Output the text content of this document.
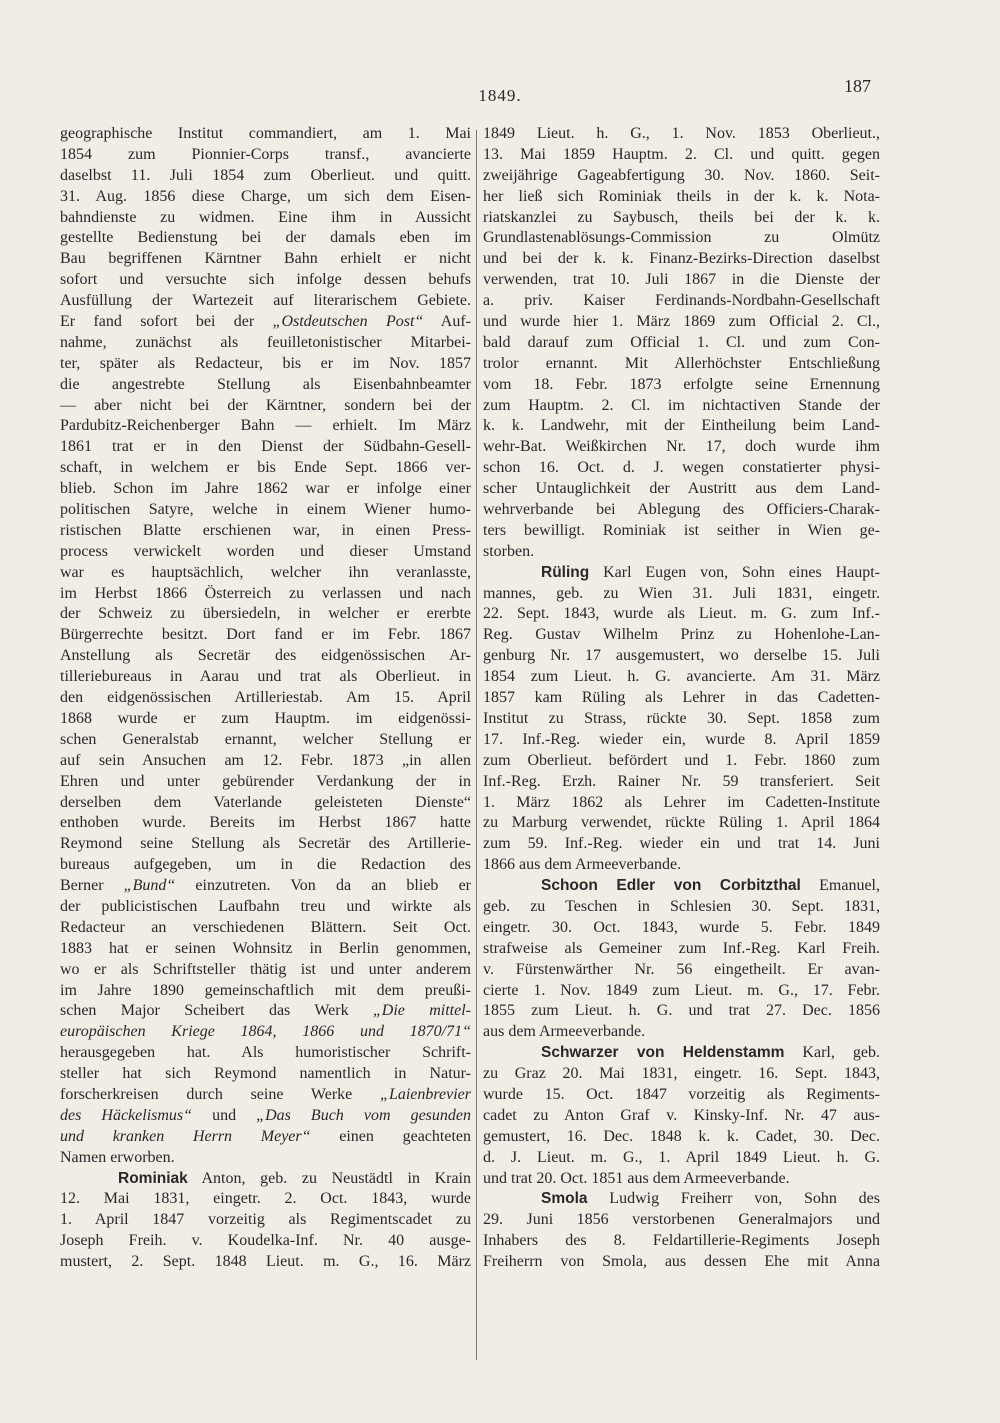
1849.	187
geographische Institut commandiert, am 1. Mai
1854 zum Pionnier-Corps transf., avancierte
daselbst 11. Juli 1854 zum Oberlieut. und quitt.
31. Aug. 1856 diese Charge, um sich dem Eisen-
bahndienste zu widmen. Eine ihm in Aussicht
gestellte Bedienstung bei der damals eben im
Bau begriffenen Kärntner Bahn erhielt er nicht
sofort und versuchte sich infolge dessen behufs
Ausfüllung der Wartezeit auf literarischem Gebiete.
Er fand sofort bei der „Ostdeutschen Post“ Auf-
nahme, zunächst als feuilletonistischer Mitarbei-
ter, später als Redacteur, bis er im Nov. 1857
die angestrebte Stellung als Eisenbahnbeamter
— aber nicht bei der Kärntner, sondern bei der
Pardubitz-Reichenberger Bahn — erhielt. Im März
1861 trat er in den Dienst der Südbahn-Gesell-
schaft, in welchem er bis Ende Sept. 1866 ver-
blieb. Schon im Jahre 1862 war er infolge einer
politischen Satyre, welche in einem Wiener humo-
ristischen Blatte erschienen war, in einen Press-
process verwickelt worden und dieser Umstand
war es hauptsächlich, welcher ihn veranlasste,
im Herbst 1866 Österreich zu verlassen und nach
der Schweiz zu übersiedeln, in welcher er ererbte
Bürgerrechte besitzt. Dort fand er im Febr. 1867
Anstellung als Secretär des eidgenössischen Ar-
tilleriebureaus in Aarau und trat als Oberlieut. in
den eidgenössischen Artilleriestab. Am 15. April
1868 wurde er zum Hauptm. im eidgenössi-
schen Generalstab ernannt, welcher Stellung er
auf sein Ansuchen am 12. Febr. 1873 „in allen
Ehren und unter gebürender Verdankung der in
derselben dem Vaterlande geleisteten Dienste“
enthoben wurde. Bereits im Herbst 1867 hatte
Reymond seine Stellung als Secretär des Artillerie-
bureaus aufgegeben, um in die Redaction des
Berner „Bund“ einzutreten. Von da an blieb er
der publicistischen Laufbahn treu und wirkte als
Redacteur an verschiedenen Blättern. Seit Oct.
1883 hat er seinen Wohnsitz in Berlin genommen,
wo er als Schriftsteller thätig ist und unter anderem
im Jahre 1890 gemeinschaftlich mit dem preußi-
schen Major Scheibert das Werk „Die mittel-
europäischen Kriege 1864, 1866 und 1870/71“
herausgegeben hat. Als humoristischer Schrift-
steller hat sich Reymond namentlich in Natur-
forscherkreisen durch seine Werke „Laienbrevier
des Häckelismus“ und „Das Buch vom gesunden
und kranken Herrn Meyer“ einen geachteten
Namen erworben.
Rominiak Anton, geb. zu Neustädtl in Krain
12. Mai 1831, eingetr. 2. Oct. 1843, wurde
1. April 1847 vorzeitig als Regimentscadet zu
Joseph Freih. v. Koudelka-Inf. Nr. 40 ausge-
mustert, 2. Sept. 1848 Lieut. m. G., 16. März
1849 Lieut. h. G., 1. Nov. 1853 Oberlieut.,
13. Mai 1859 Hauptm. 2. Cl. und quitt. gegen
zweijährige Gageabfertigung 30. Nov. 1860. Seit-
her ließ sich Rominiak theils in der k. k. Nota-
riatskanzlei zu Saybusch, theils bei der k. k.
Grundlastenablösungs-Commission zu Olmütz
und bei der k. k. Finanz-Bezirks-Direction daselbst
verwenden, trat 10. Juli 1867 in die Dienste der
a. priv. Kaiser Ferdinands-Nordbahn-Gesellschaft
und wurde hier 1. März 1869 zum Official 2. Cl.,
bald darauf zum Official 1. Cl. und zum Con-
trolor ernannt. Mit Allerhöchster Entschließung
vom 18. Febr. 1873 erfolgte seine Ernennung
zum Hauptm. 2. Cl. im nichtactiven Stande der
k. k. Landwehr, mit der Eintheilung beim Land-
wehr-Bat. Weißkirchen Nr. 17, doch wurde ihm
schon 16. Oct. d. J. wegen constatierter physi-
scher Untauglichkeit der Austritt aus dem Land-
wehrverbande bei Ablegung des Officiers-Charak-
ters bewilligt. Rominiak ist seither in Wien ge-
storben.
Rüling Karl Eugen von, Sohn eines Haupt-
mannes, geb. zu Wien 31. Juli 1831, eingetr.
22. Sept. 1843, wurde als Lieut. m. G. zum Inf.-
Reg. Gustav Wilhelm Prinz zu Hohenlohe-Lan-
genburg Nr. 17 ausgemustert, wo derselbe 15. Juli
1854 zum Lieut. h. G. avancierte. Am 31. März
1857 kam Rüling als Lehrer in das Cadetten-
Institut zu Strass, rückte 30. Sept. 1858 zum
17. Inf.-Reg. wieder ein, wurde 8. April 1859
zum Oberlieut. befördert und 1. Febr. 1860 zum
Inf.-Reg. Erzh. Rainer Nr. 59 transferiert. Seit
1. März 1862 als Lehrer im Cadetten-Institute
zu Marburg verwendet, rückte Rüling 1. April 1864
zum 59. Inf.-Reg. wieder ein und trat 14. Juni
1866 aus dem Armeeverbande.
Schoon Edler von Corbitzthal Emanuel,
geb. zu Teschen in Schlesien 30. Sept. 1831,
eingetr. 30. Oct. 1843, wurde 5. Febr. 1849
strafweise als Gemeiner zum Inf.-Reg. Karl Freih.
v. Fürstenwärther Nr. 56 eingetheilt. Er avan-
cierte 1. Nov. 1849 zum Lieut. m. G., 17. Febr.
1855 zum Lieut. h. G. und trat 27. Dec. 1856
aus dem Armeeverbande.
Schwarzer von Heldenstamm Karl, geb.
zu Graz 20. Mai 1831, eingetr. 16. Sept. 1843,
wurde 15. Oct. 1847 vorzeitig als Regiments-
cadet zu Anton Graf v. Kinsky-Inf. Nr. 47 aus-
gemustert, 16. Dec. 1848 k. k. Cadet, 30. Dec.
d. J. Lieut. m. G., 1. April 1849 Lieut. h. G.
und trat 20. Oct. 1851 aus dem Armeeverbande.
Smola Ludwig Freiherr von, Sohn des
29. Juni 1856 verstorbenen Generalmajors und
Inhabers des 8. Feldartillerie-Regiments Joseph
Freiherrn von Smola, aus dessen Ehe mit Anna
